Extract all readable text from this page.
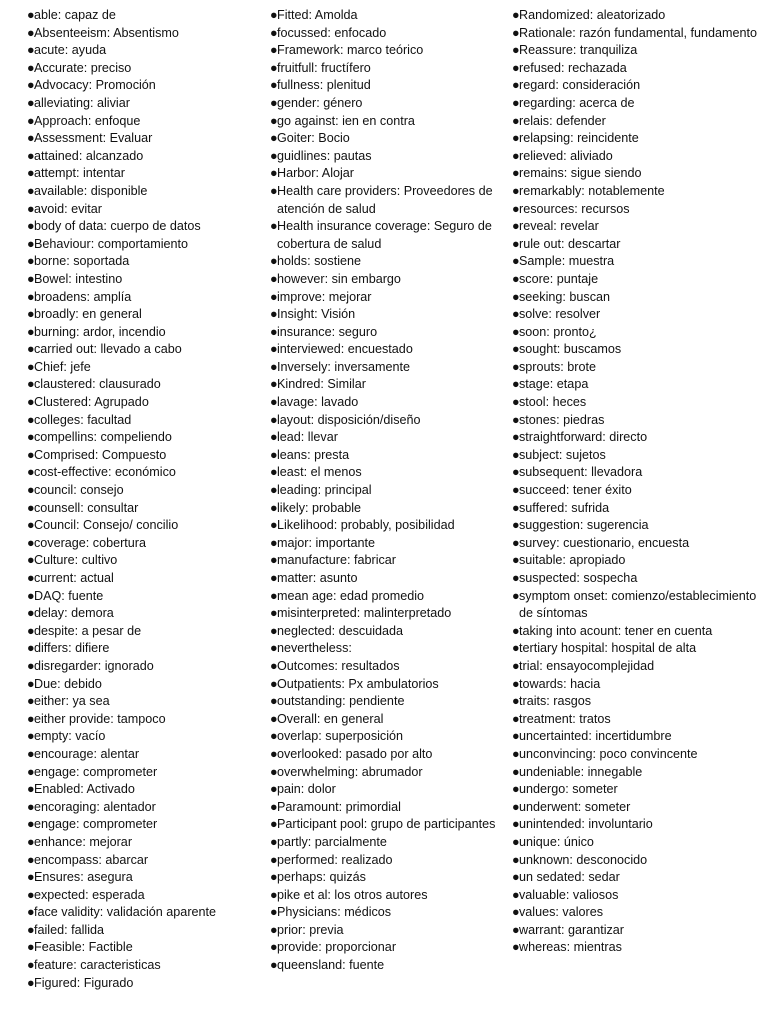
● able: capaz de
● Absenteeism: Absentismo
● acute: ayuda
● Accurate: preciso
● Advocacy: Promoción
● alleviating: aliviar
● Approach: enfoque
● Assessment: Evaluar
● attained: alcanzado
● attempt: intentar
● available: disponible
● avoid: evitar
● body of data: cuerpo de datos
● Behaviour: comportamiento
● borne: soportada
● Bowel: intestino
● broadens: amplía
● broadly: en general
● burning: ardor, incendio
● carried out: llevado a cabo
● Chief: jefe
● claustered: clausurado
● Clustered: Agrupado
● colleges: facultad
● compellins: compeliendo
● Comprised: Compuesto
● cost-effective: económico
● council: consejo
● counsell: consultar
● Council: Consejo/ concilio
● coverage: cobertura
● Culture: cultivo
● current: actual
● DAQ: fuente
● delay: demora
● despite: a pesar de
● differs: difiere
● disregarder: ignorado
● Due: debido
● either: ya sea
● either provide: tampoco
● empty: vacío
● encourage: alentar
● engage: comprometer
● Enabled: Activado
● encoraging: alentador
● engage: comprometer
● enhance: mejorar
● encompass: abarcar
● Ensures: asegura
● expected: esperada
● face validity: validación aparente
● failed: fallida
● Feasible: Factible
● feature: caracteristicas
● Figured: Figurado
● Fitted: Amolda
● focussed: enfocado
● Framework: marco teórico
● fruitfull: fructífero
● fullness: plenitud
● gender: género
● go against: ien en contra
● Goiter: Bocio
● guidlines: pautas
● Harbor: Alojar
● Health care providers: Proveedores de atención de salud
● Health insurance coverage: Seguro de cobertura de salud
● holds: sostiene
● however: sin embargo
● improve: mejorar
● Insight: Visión
● insurance: seguro
● interviewed: encuestado
● Inversely: inversamente
● Kindred: Similar
● lavage: lavado
● layout: disposición/diseño
● lead: llevar
● leans: presta
● least: el menos
● leading: principal
● likely: probable
● Likelihood: probably, posibilidad
● major: importante
● manufacture: fabricar
● matter: asunto
● mean age: edad promedio
● misinterpreted: malinterpretado
● neglected: descuidada
● nevertheless:
● Outcomes: resultados
● Outpatients: Px ambulatorios
● outstanding: pendiente
● Overall: en general
● overlap: superposición
● overlooked: pasado por alto
● overwhelming: abrumador
● pain: dolor
● Paramount: primordial
● Participant pool: grupo de participantes
● partly: parcialmente
● performed: realizado
● perhaps: quizás
● pike et al: los otros autores
● Physicians: médicos
● prior: previa
● provide: proporcionar
● queensland: fuente
● Randomized: aleatorizado
● Rationale: razón fundamental, fundamento
● Reassure: tranquiliza
● refused: rechazada
● regard: consideración
● regarding: acerca de
● relais: defender
● relapsing: reincidente
● relieved: aliviado
● remains: sigue siendo
● remarkably: notablemente
● resources: recursos
● reveal: revelar
● rule out: descartar
● Sample: muestra
● score: puntaje
● seeking: buscan
● solve: resolver
● soon: pronto¿
● sought: buscamos
● sprouts: brote
● stage: etapa
● stool: heces
● stones: piedras
● straightforward: directo
● subject: sujetos
● subsequent: llevadora
● succeed: tener éxito
● suffered: sufrida
● suggestion: sugerencia
● survey: cuestionario, encuesta
● suitable: apropiado
● suspected: sospecha
● symptom onset: comienzo/establecimiento de síntomas
● taking into acount: tener en cuenta
● tertiary hospital: hospital de alta
● trial: ensayocomplejidad
● towards: hacia
● traits: rasgos
● treatment: tratos
● uncertainted: incertidumbre
● unconvincing: poco convincente
● undeniable: innegable
● undergo: someter
● underwent: someter
● unintended: involuntario
● unique: único
● unknown: desconocido
● un sedated: sedar
● valuable: valiosos
● values: valores
● warrant: garantizar
● whereas: mientras
